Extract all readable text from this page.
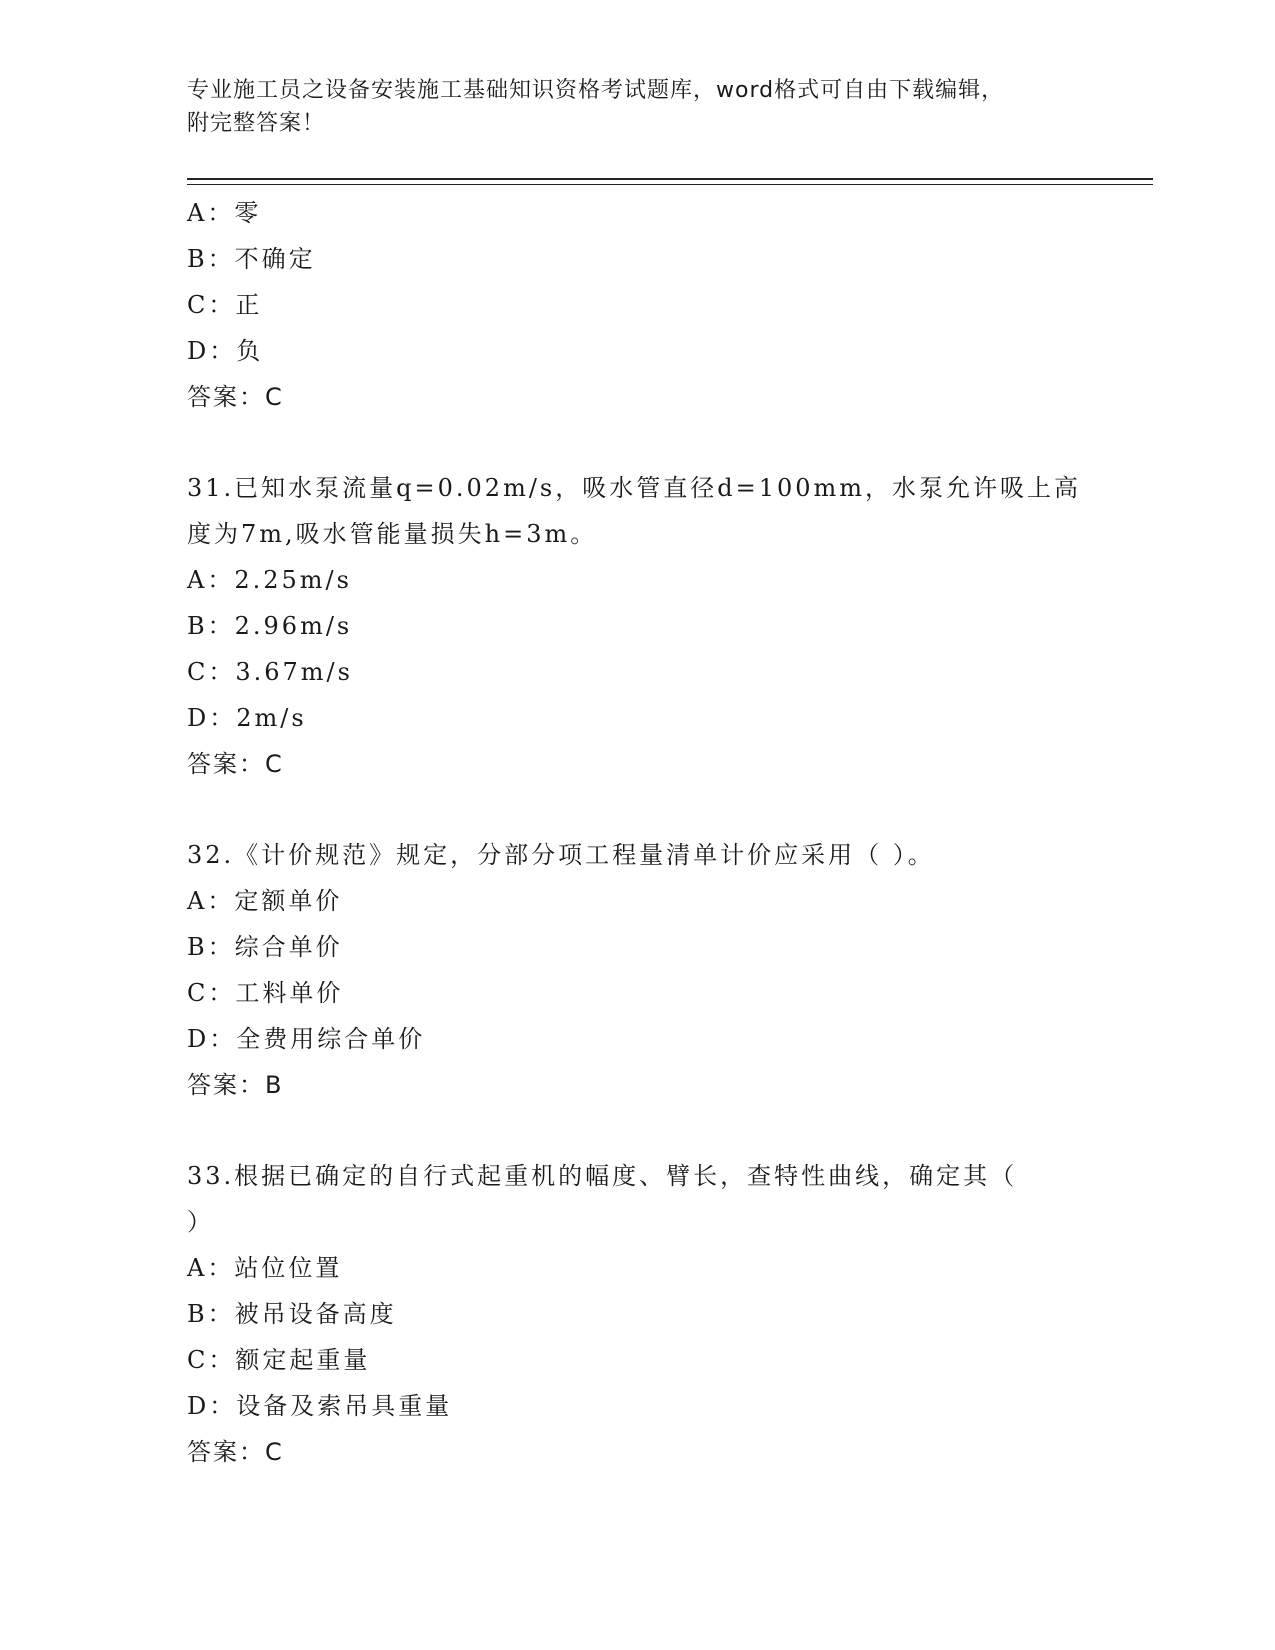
专业施工员之设备安装施工基础知识资格考试题库，word格式可自由下载编辑，
附完整答案！
A：零
B：不确定
C：正
D：负
答案：C
31.已知水泵流量q=0.02m/s，吸水管直径d=100mm，水泵允许吸上高
度为7m,吸水管能量损失h=3m。
A：2.25m/s
B：2.96m/s
C：3.67m/s
D：2m/s
答案：C
32.《计价规范》规定，分部分项工程量清单计价应采用（ ）。
A：定额单价
B：综合单价
C：工料单价
D：全费用综合单价
答案：B
33.根据已确定的自行式起重机的幅度、臂长，查特性曲线，确定其（
）
A：站位位置
B：被吊设备高度
C：额定起重量
D：设备及索吊具重量
答案：C
